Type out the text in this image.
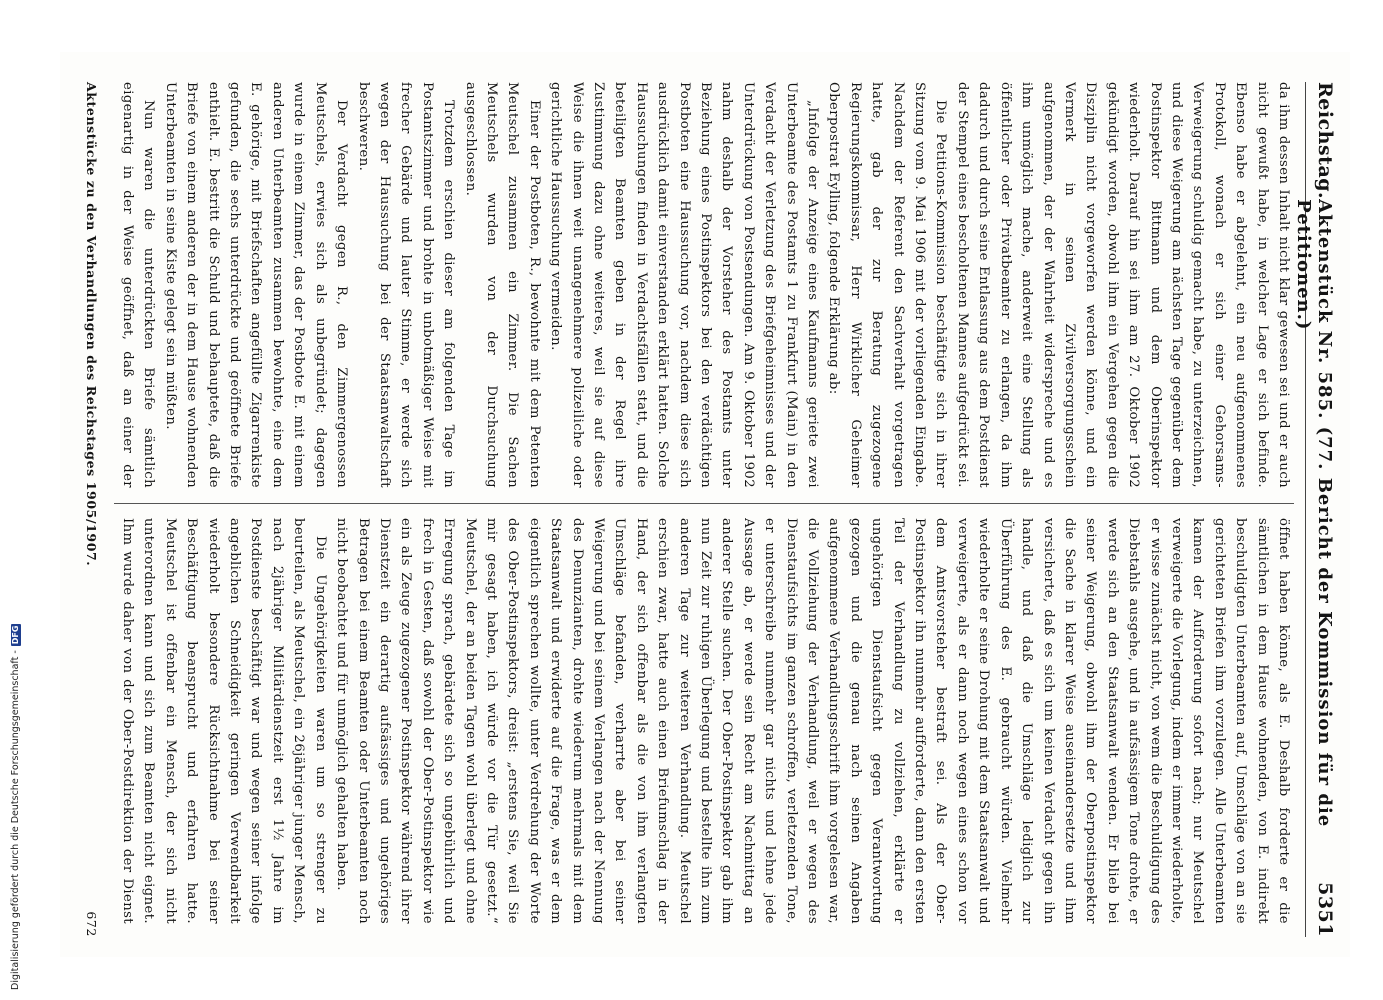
Digitalisierung gefördert durch die Deutsche Forschungsgemeinschaft -
DFG
Reichstag.
Aktenstück Nr. 585. (77. Bericht der Kommission für die Petitionen.)
5351

da ihm dessen Inhalt nicht klar gewesen sei und er auch nicht gewußt habe, in welcher Lage er sich befinde. Ebenso habe er abgelehnt, ein neu aufgenommenes Protokoll, wonach er sich einer Gehorsams-Verweigerung schuldig gemacht habe, zu unterzeichnen, und diese Weigerung am nächsten Tage gegenüber dem Postinspektor Bittmann und dem Oberinspektor wiederholt. Darauf hin sei ihm am 27. Oktober 1902 gekündigt worden, obwohl ihm ein Vergehen gegen die Disziplin nicht vorgeworfen werden könne, und ein Vermerk in seinen Zivilversorgungsschein aufgenommen, der der Wahrheit widerspreche und es ihm unmöglich mache, anderweit eine Stellung als öffentlicher oder Privatbeamter zu erlangen, da ihm dadurch und durch seine Entlassung aus dem Postdienst der Stempel eines bescholtenen Mannes aufgedrückt sei.

Die Petitions-Kommission beschäftigte sich in ihrer Sitzung vom 9. Mai 1906 mit der vorliegenden Eingabe. Nachdem der Referent den Sachverhalt vorgetragen hatte, gab der zur Beratung zugezogene Regierungskommissar, Herr Wirklicher Geheimer Oberpostrat Eylling, folgende Erklärung ab:

„Infolge der Anzeige eines Kaufmanns geriete zwei Unterbeamte des Postamts 1 zu Frankfurt (Main) in den Verdacht der Verletzung des Briefgeheimnisses und der Unterdrückung von Postsendungen. Am 9. Oktober 1902 nahm deshalb der Vorsteher des Postamts unter Beziehung eines Postinspektors bei den verdächtigen Postboten eine Haussuchung vor, nachdem diese sich ausdrücklich damit einverstanden erklärt hatten. Solche Haussuchungen finden in Verdachtsfällen statt, und die beteiligten Beamten geben in der Regel ihre Zustimmung dazu ohne weiteres, weil sie auf diese Weise die ihnen weit unangenehmere polizeiliche oder gerichtliche Haussuchung vermeiden.

Einer der Postboten, R., bewohnte mit dem Petenten Meutschel zusammen ein Zimmer. Die Sachen Meutschels wurden von der Durchsuchung ausgeschlossen.

Trotzdem erschien dieser am folgenden Tage im Postamtszimmer und brohte in unbotmäßiger Weise mit frecher Gebärde und lauter Stimme, er werde sich wegen der Haussuchung bei der Staatsanwaltschaft beschweren.

Der Verdacht gegen R., den Zimmergenossen Meutschels, erwies sich als unbegründet; dagegen wurde in einem Zimmer, das der Postbote E. mit einem anderen Unterbeamten zusammen bewohnte, eine dem E. gehörige, mit Briefschaften angefüllte Zigarrenkiste gefunden, die sechs unterdrückte und geöffnete Briefe enthielt. E. bestritt die Schuld und behauptete, daß die Briefe von einem anderen der in dem Hause wohnenden Unterbeamten in seine Kiste gelegt sein müßten.

Nun waren die unterdrückten Briefe sämtlich eigenartig in der Weise geöffnet, daß an einer der

öffnet haben könne, als E. Deshalb forderte er die sämtlichen in dem Hause wohnenden, von E. indirekt beschuldigten Unterbeamten auf, Umschläge von an sie gerichteten Briefen ihm vorzulegen. Alle Unterbeamten kamen der Aufforderung sofort nach; nur Meutschel verweigerte die Vorlegung, indem er immer wiederholte, er wisse zunächst nicht, von wem die Beschuldigung des Diebstahls ausgehe, und in aufsässigem Tone drohte, er werde sich an den Staatsanwalt wenden. Er blieb bei seiner Weigerung, obwohl ihm der Oberpostinspektor die Sache in klarer Weise auseinandersetzte und ihm versicherte, daß es sich um keinen Verdacht gegen ihn handle, und daß die Umschläge lediglich zur Überführung des E. gebraucht würden. Vielmehr wiederholte er seine Drohung mit dem Staatsanwalt und verweigerte, als er dann noch wegen eines schon vor dem Amtsvorsteher bestraft sei. Als der Ober-Postinspektor ihn nunmehr aufforderte, dann den ersten Teil der Verhandlung zu vollziehen, erklärte er ungehörigen Dienstaufsicht gegen Verantwortung gezogen und die genau nach seinen Angaben aufgenommene Verhandlungsschrift ihm vorgelesen war, die Vollziehung der Verhandlung, weil er wegen des Dienstaufsichts im ganzen schroffen, verletzenden Tone, er unterschreibe nunmehr gar nichts und lehne jede Aussage ab, er werde sein Recht am Nachmittag an anderer Stelle suchen. Der Ober-Postinspektor gab ihm nun Zeit zur ruhigen Überlegung und bestellte ihn zum anderen Tage zur weiteren Verhandlung. Meutschel erschien zwar, hatte auch einen Briefumschlag in der Hand, der sich offenbar als die von ihm verlangten Umschläge befanden, verharrte aber bei seiner Weigerung und bei seinem Verlangen nach der Nennung des Denunzianten, drohte wiederum mehrmals mit dem Staatsanwalt und erwiderte auf die Frage, was er dem eigentlich sprechen wollte, unter Verdrehung der Worte des Ober-Postinspektors, dreist: „erstens Sie, weil Sie mir gesagt haben, ich würde vor die Tür gesetzt.“ Meutschel, der an beiden Tagen wohl überlegt und ohne Erregung sprach, gebärdete sich so ungebührlich und frech in Gesten, daß sowohl der Ober-Postinspektor wie ein als Zeuge zugezogener Postinspektor während ihrer Dienstzeit ein derartig aufsässiges und ungehöriges Betragen bei einem Beamten oder Unterbeamten noch nicht beobachtet und für unmöglich gehalten haben.

Die Ungehörigkeiten waren um so strenger zu beurteilen, als Meutschel, ein 26jähriger junger Mensch, nach 2jähriger Militärdienstzeit erst 1½ Jahre im Postdienste beschäftigt war und wegen seiner infolge angeblichen Schneidigkeit geringen Verwendbarkeit wiederholt besondere Rücksichtnahme bei seiner Beschäftigung beansprucht und erfahren hatte. Meutschel ist offenbar ein Mensch, der sich nicht unterordnen kann und sich zum Beamten nicht eignet. Ihm wurde daher von der Ober-Postdirektion der Dienst

Aktenstücke zu den Verhandlungen des Reichstages 1905/1907.
672
